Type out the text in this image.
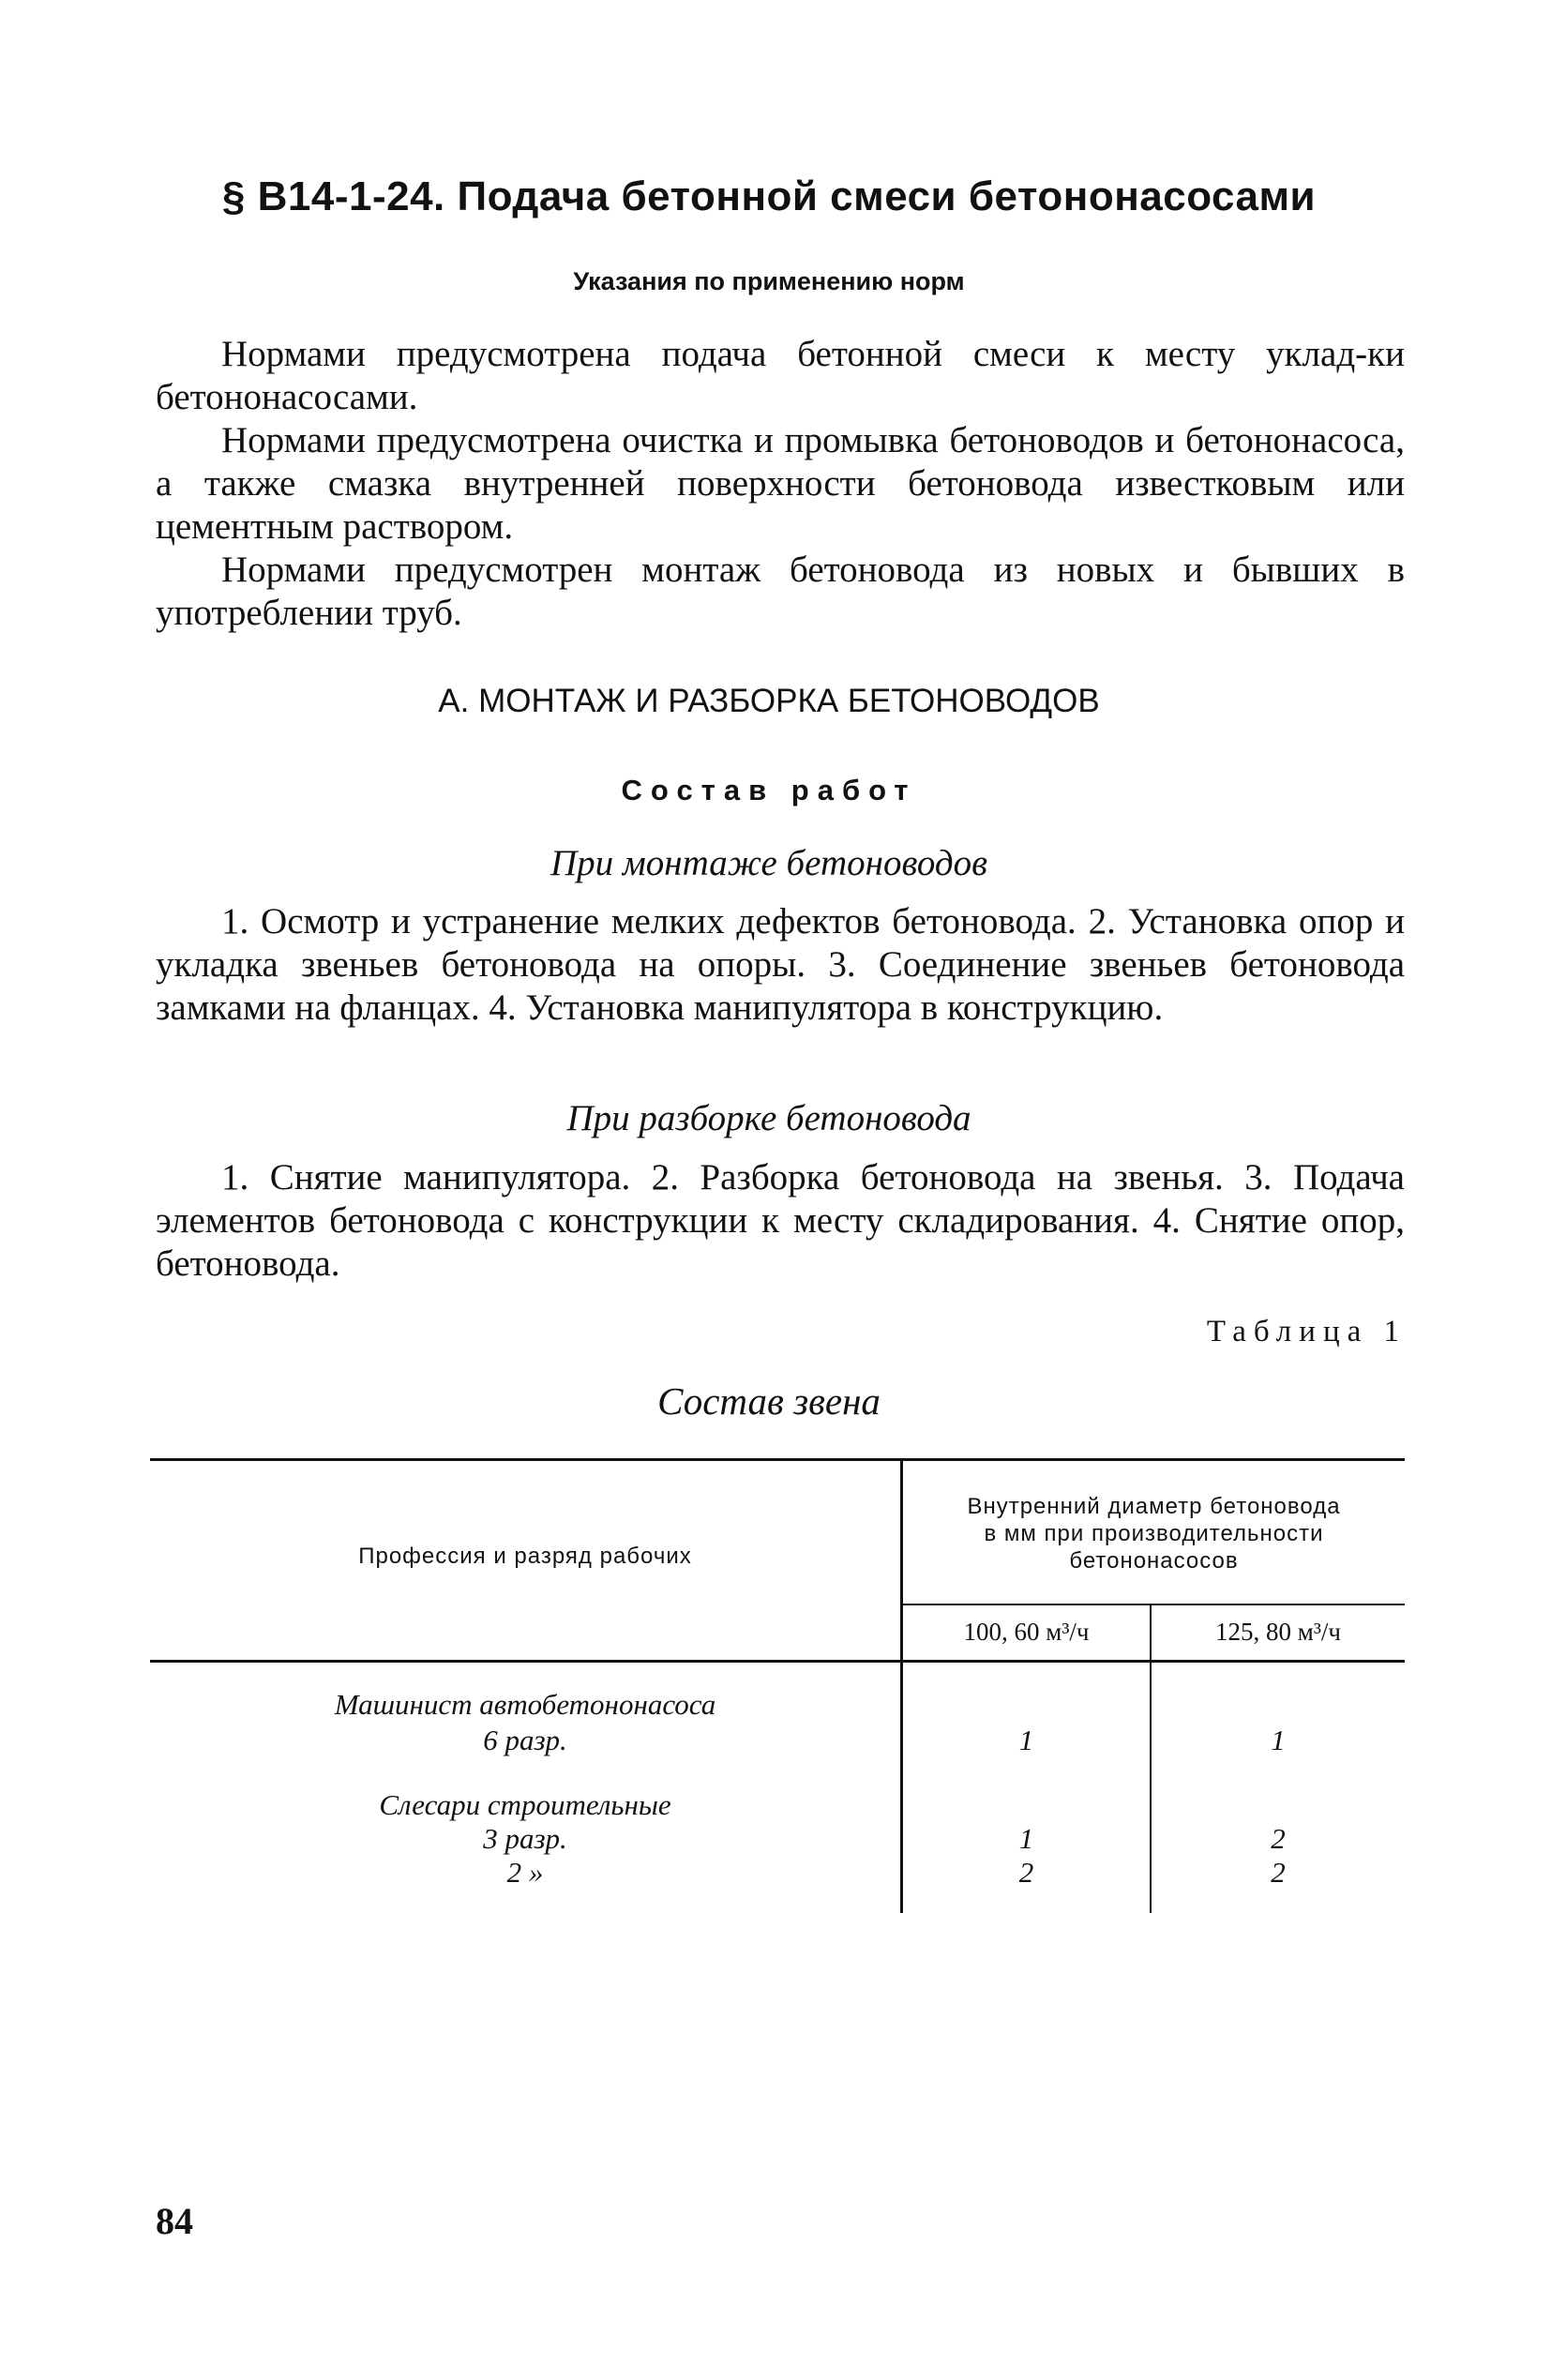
§ В14-1-24. Подача бетонной смеси бетононасосами
Указания по применению норм

Нормами предусмотрена подача бетонной смеси к месту уклад-ки бетононасосами.

Нормами предусмотрена очистка и промывка бетоноводов и бетононасоса, а также смазка внутренней поверхности бетоновода известковым или цементным раствором.

Нормами предусмотрен монтаж бетоновода из новых и бывших в употреблении труб.

А. МОНТАЖ И РАЗБОРКА БЕТОНОВОДОВ
Состав работ
При монтаже бетоноводов

1. Осмотр и устранение мелких дефектов бетоновода. 2. Установка опор и укладка звеньев бетоновода на опоры. 3. Соединение звеньев бетоновода замками на фланцах. 4. Установка манипулятора в конструкцию.

При разборке бетоновода

1. Снятие манипулятора. 2. Разборка бетоновода на звенья. 3. Подача элементов бетоновода с конструкции к месту складирования. 4. Снятие опор, бетоновода.

Таблица 1
Состав звена
Профессия и разряд рабочих
Внутренний диаметр бетоновода
в мм при производительности
бетононасосов
100, 60 м³/ч	125, 80 м³/ч
Машинист автобетононасоса
6 разр.	1	1
Слесари строительные
3 разр.	1	2
2 »	2	2
84
